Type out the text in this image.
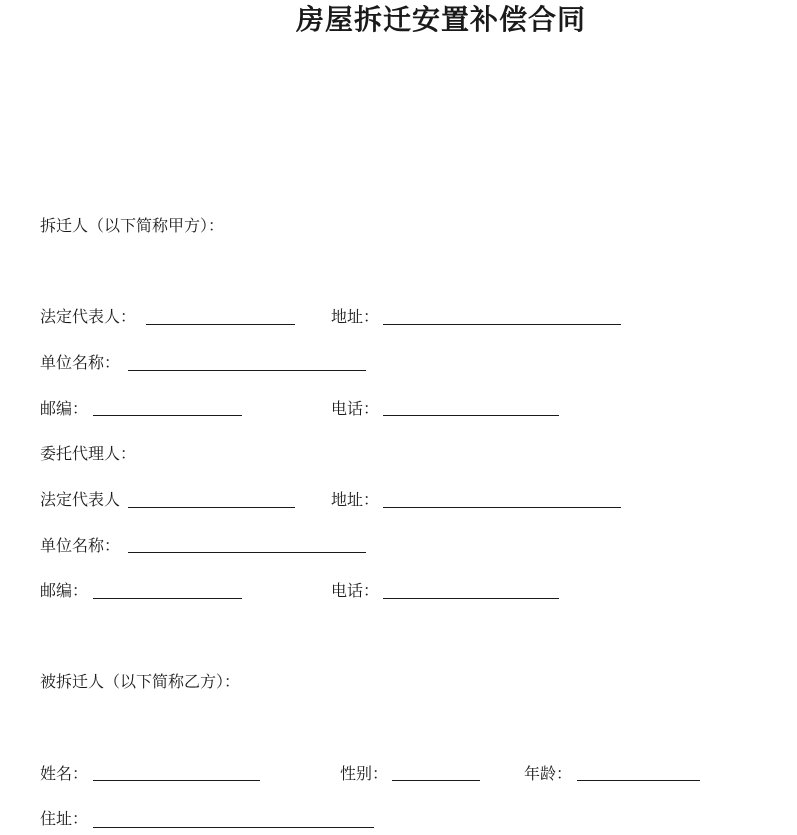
房屋拆迁安置补偿合同
拆迁人（以下简称甲方）：
法定代表人：	地址：
单位名称：
邮编：	电话：
委托代理人：
法定代表人	地址：
单位名称：
邮编：	电话：
被拆迁人（以下简称乙方）：
姓名：	性别：	年龄：
住址：
